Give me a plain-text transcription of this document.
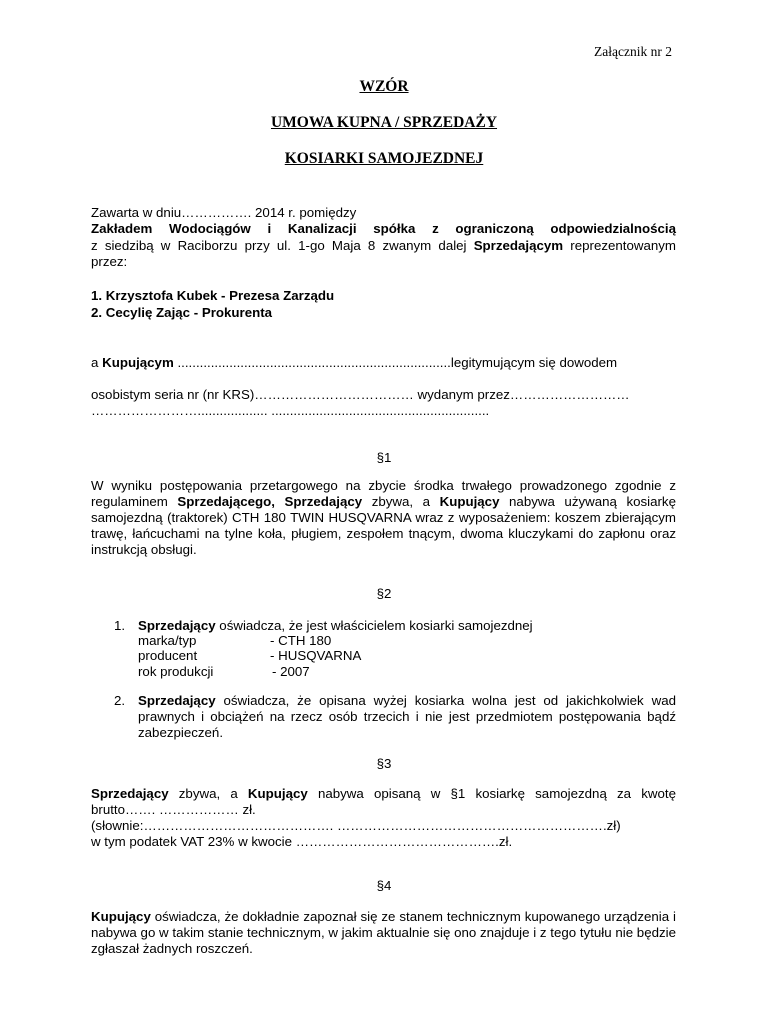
Załącznik nr 2
WZÓR
UMOWA KUPNA / SPRZEDAŻY
KOSIARKI SAMOJEZDNEJ
Zawarta w dniu……………. 2014 r. pomiędzy
Zakładem Wodociągów i Kanalizacji spółka z ograniczoną odpowiedzialnością
z siedzibą w Raciborzu przy ul. 1-go Maja 8 zwanym dalej Sprzedającym reprezentowanym
przez:
1. Krzysztofa Kubek - Prezesa Zarządu
2. Cecylię Zając - Prokurenta
a Kupującym ..........................................................................legitymującym się dowodem
osobistym seria nr (nr KRS)……………………………… wydanym przez………………………
……………………................... ...........................................................
§1
W wyniku postępowania przetargowego na zbycie środka trwałego prowadzonego zgodnie z regulaminem Sprzedającego, Sprzedający zbywa, a Kupujący nabywa używaną kosiarkę samojezdną (traktorek) CTH 180 TWIN HUSQVARNA wraz z wyposażeniem: koszem zbierającym trawę, łańcuchami na tylne koła, pługiem, zespołem tnącym, dwoma kluczykami do zapłonu oraz instrukcją obsługi.
§2
1. Sprzedający oświadcza, że jest właścicielem kosiarki samojezdnej
marka/typ	- CTH 180
producent	- HUSQVARNA
rok produkcji	- 2007
2. Sprzedający oświadcza, że opisana wyżej kosiarka wolna jest od jakichkolwiek wad prawnych i obciążeń na rzecz osób trzecich i nie jest przedmiotem postępowania bądź zabezpieczeń.
§3
Sprzedający zbywa, a Kupujący nabywa opisaną w §1 kosiarkę samojezdną za kwotę
brutto……. ……………… zł.
(słownie:……………………………………. …………………………………………………….zł)
w tym podatek VAT 23% w kwocie ……………………………………….zł.
§4
Kupujący oświadcza, że dokładnie zapoznał się ze stanem technicznym kupowanego urządzenia i nabywa go w takim stanie technicznym, w jakim aktualnie się ono znajduje i z tego tytułu nie będzie zgłaszał żadnych roszczeń.
